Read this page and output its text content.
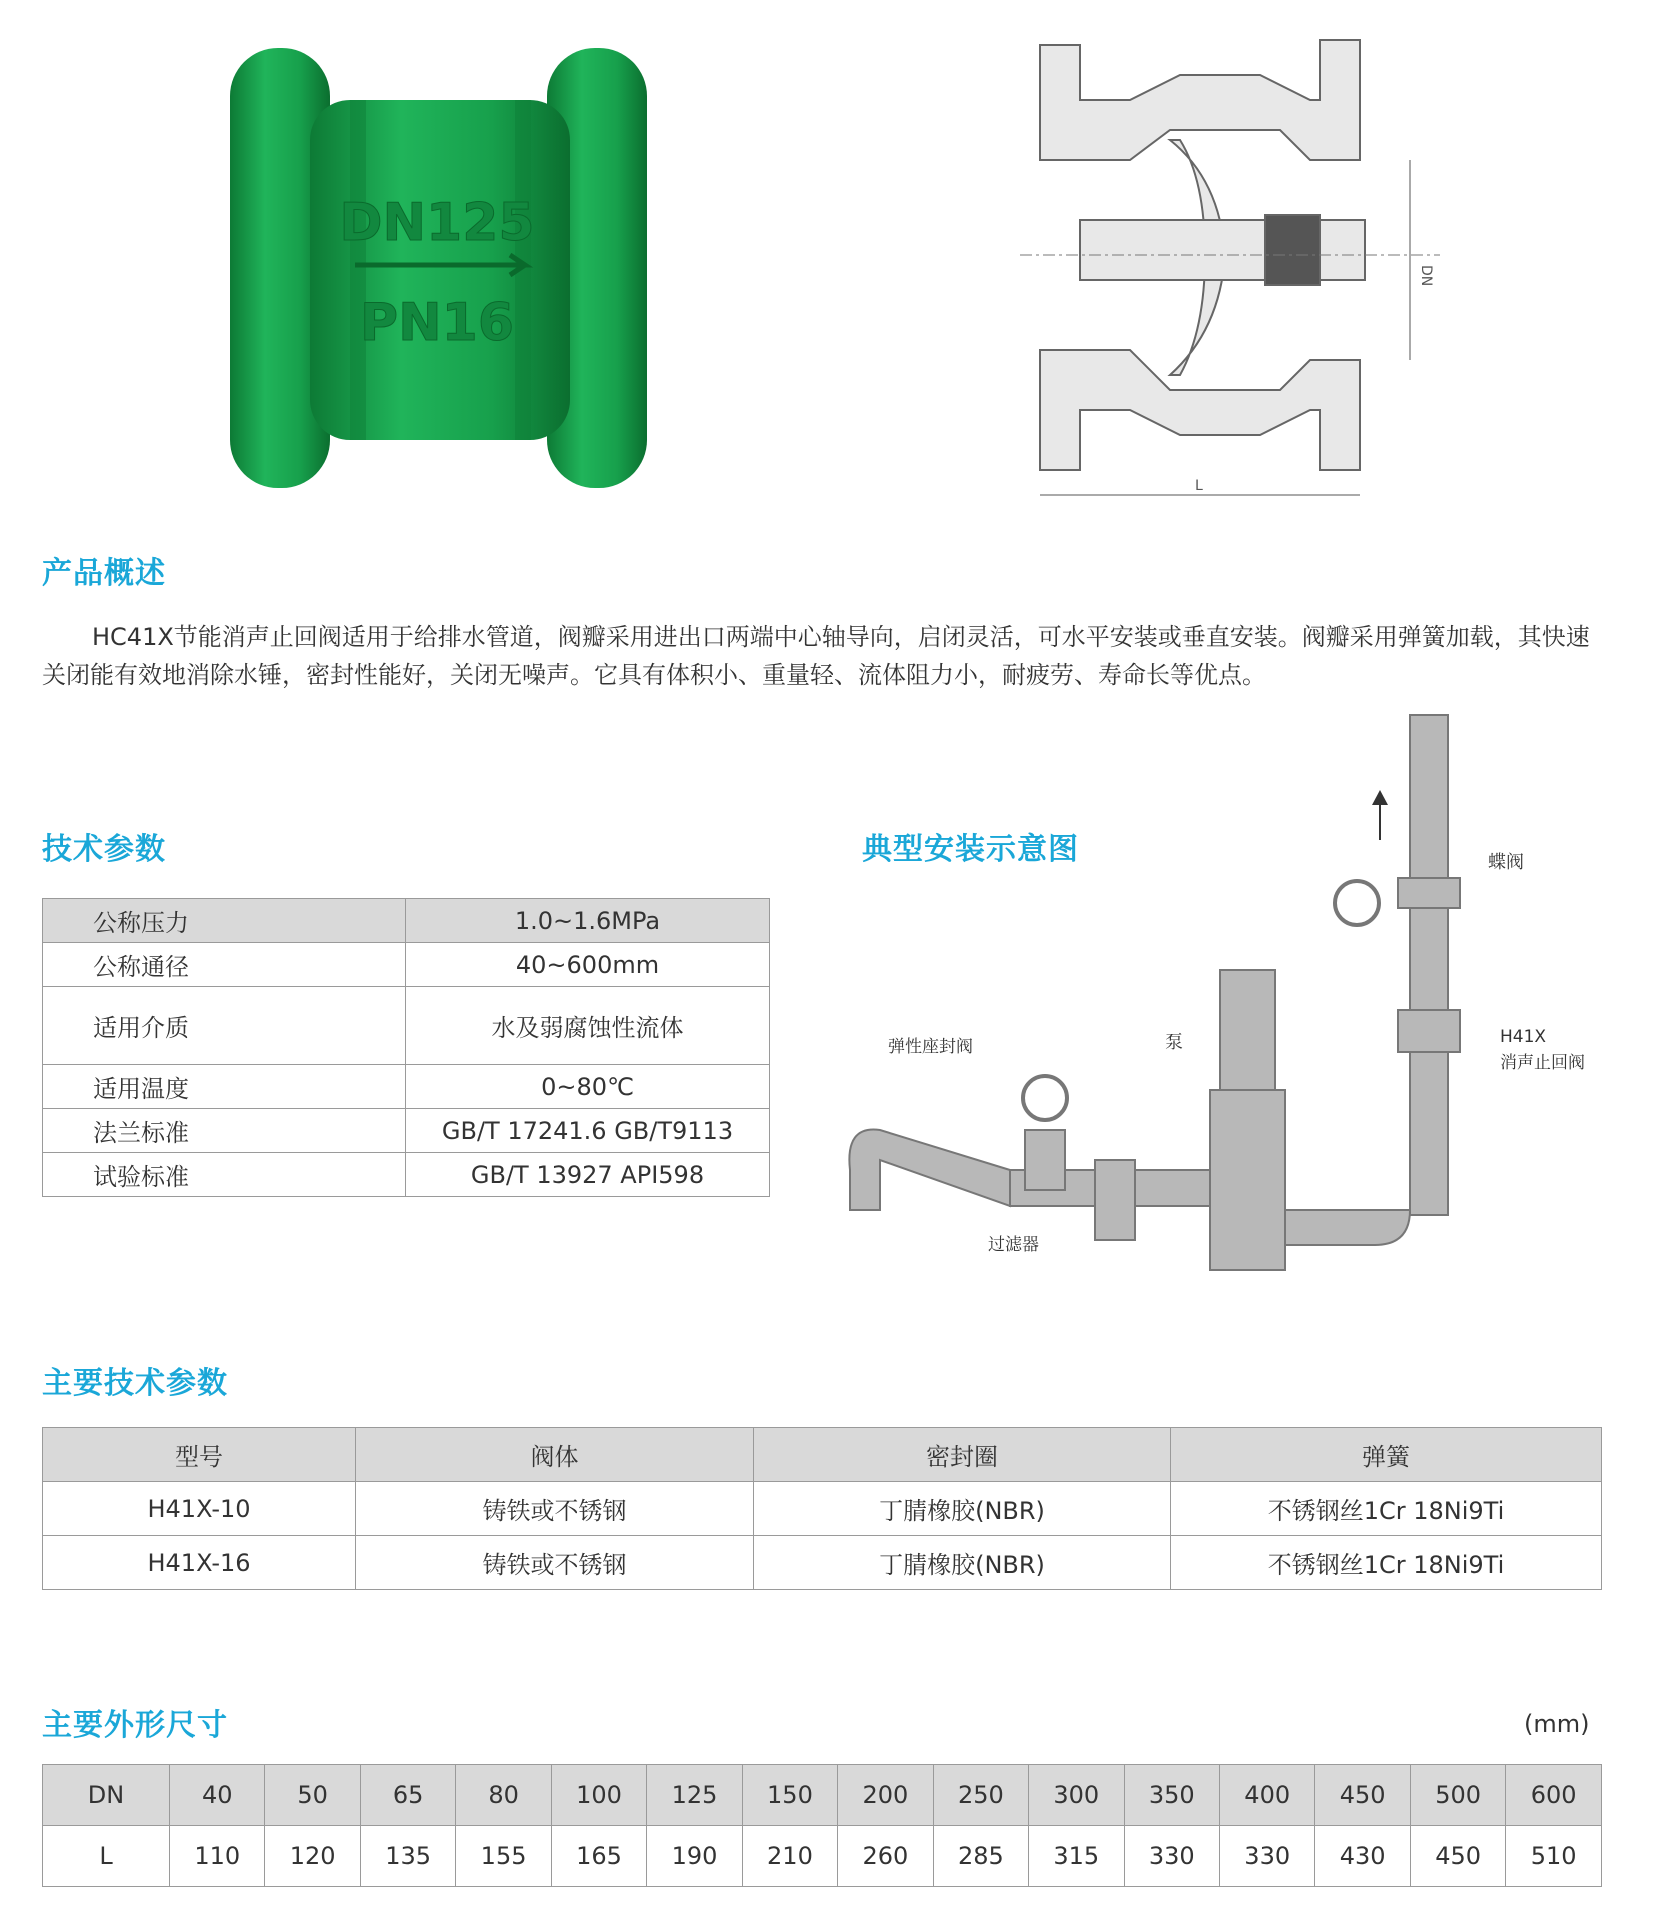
DN125
PN16
DN
L
产品概述
HC41X节能消声止回阀适用于给排水管道，阀瓣采用进出口两端中心轴导向，启闭灵活，可水平安装或垂直安装。阀瓣采用弹簧加载，其快速关闭能有效地消除水锤，密封性能好，关闭无噪声。它具有体积小、重量轻、流体阻力小，耐疲劳、寿命长等优点。
技术参数
公称压力	1.0~1.6MPa
公称通径	40~600mm
适用介质	水及弱腐蚀性流体
适用温度	0~80℃
法兰标准	GB/T 17241.6 GB/T9113
试验标准	GB/T 13927 API598
典型安装示意图	蝶阀
H41X
消声止回阀
泵
弹性座封阀
过滤器
主要技术参数
型号	阀体	密封圈	弹簧
H41X-10	铸铁或不锈钢	丁腈橡胶(NBR)	不锈钢丝1Cr 18Ni9Ti
H41X-16	铸铁或不锈钢	丁腈橡胶(NBR)	不锈钢丝1Cr 18Ni9Ti
主要外形尺寸	(mm)
DN	40	50	65	80	100	125	150	200	250	300	350	400	450	500	600
L	110	120	135	155	165	190	210	260	285	315	330	330	430	450	510
